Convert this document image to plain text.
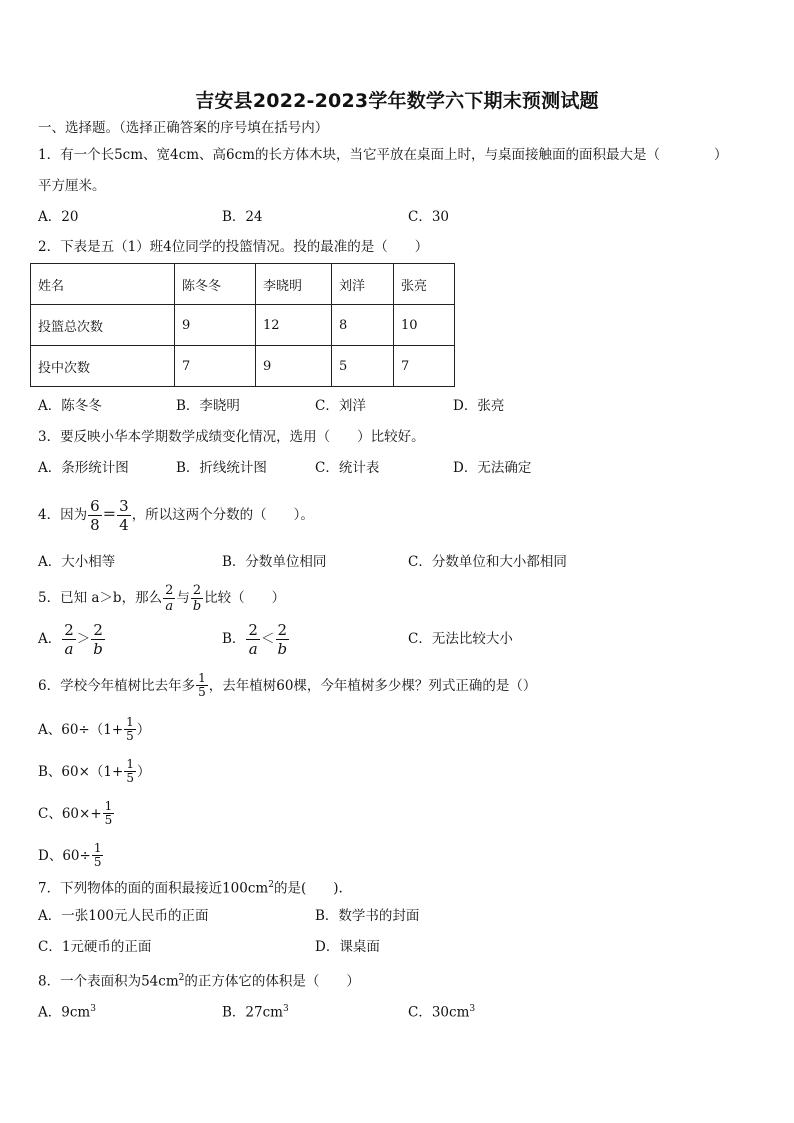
吉安县2022-2023学年数学六下期末预测试题
一、选择题。（选择正确答案的序号填在括号内）
1．有一个长5cm、宽4cm、高6cm的长方体木块，当它平放在桌面上时，与桌面接触面的面积最大是（　　　　）
平方厘米。
A．20	B．24	C．30
2．下表是五（1）班4位同学的投篮情况。投的最准的是（　　）
姓名	陈冬冬	李晓明	刘洋	张亮
投篮总次数	9	12	8	10
投中次数	7	9	5	7
A．陈冬冬	B．李晓明	C．刘洋	D．张亮
3．要反映小华本学期数学成绩变化情况，选用（　　）比较好。
A．条形统计图	B．折线统计图	C．统计表	D．无法确定
4．因为 $\frac{6}{8} = \frac{3}{4}$ ，所以这两个分数的（　　）。
A．大小相等	B．分数单位相同	C．分数单位和大小都相同
5．已知 a＞b，那么 $\frac{2}{a}$ 与 $\frac{2}{b}$ 比较（　　）
A． $\frac{2}{a} > \frac{2}{b}$	B． $\frac{2}{a} < \frac{2}{b}$	C．无法比较大小
6．学校今年植树比去年多 $\frac{1}{5}$ ，去年植树60棵，今年植树多少棵？列式正确的是（）
A、$60\div(1+ \frac{1}{5}$ ）
B、$60\times(1+ \frac{1}{5}$ ）
C、$60\times+ \frac{1}{5}$
D、$60\div \frac{1}{5}$
7．下列物体的面的面积最接近$100cm^2$的是(　　).
A．一张100元人民币的正面	B．数学书的封面
C．1元硬币的正面	D．课桌面
8．一个表面积为$54cm^2$的正方体它的体积是（　　）
A．$9cm^3$	B．$27cm^3$	C．$30cm^3$
